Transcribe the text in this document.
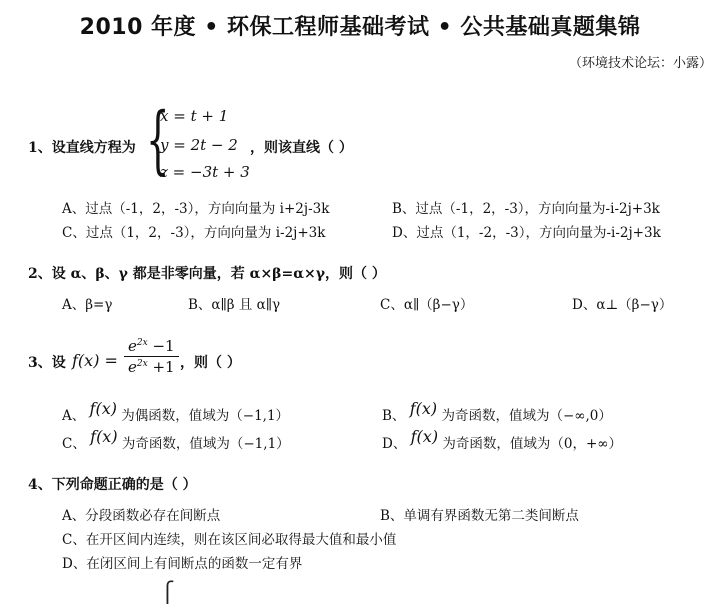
2010 年度 • 环保工程师基础考试 • 公共基础真题集锦
（环境技术论坛：小露）
1、设直线方程为 {
x = t + 1
y = 2t − 2
z = −3t + 3
，则该直线（ ）
A、过点（-1，2，-3），方向向量为 i+2j-3k	B、过点（-1，2，-3），方向向量为-i-2j+3k
C、过点（1，2，-3），方向向量为 i-2j+3k	D、过点（1，-2，-3），方向向量为-i-2j+3k
2、设 α、β、γ 都是非零向量，若 α×β=α×γ，则（ ）
A、β=γ	B、α∥β 且 α∥γ	C、α∥（β−γ）	D、α⊥（β−γ）
3、设 $f(x) = \frac{e^{2x} -1}{e^{2x} +1}$ ，则（ ）
A、 f(x) 为偶函数，值域为（−1,1）	B、 f(x) 为奇函数，值域为（−∞,0）
C、 f(x) 为奇函数，值域为（−1,1）	D、 f(x) 为奇函数，值域为（0，+∞）
4、下列命题正确的是（ ）
A、分段函数必存在间断点	B、单调有界函数无第二类间断点
C、在开区间内连续，则在该区间必取得最大值和最小值
D、在闭区间上有间断点的函数一定有界
⎧
